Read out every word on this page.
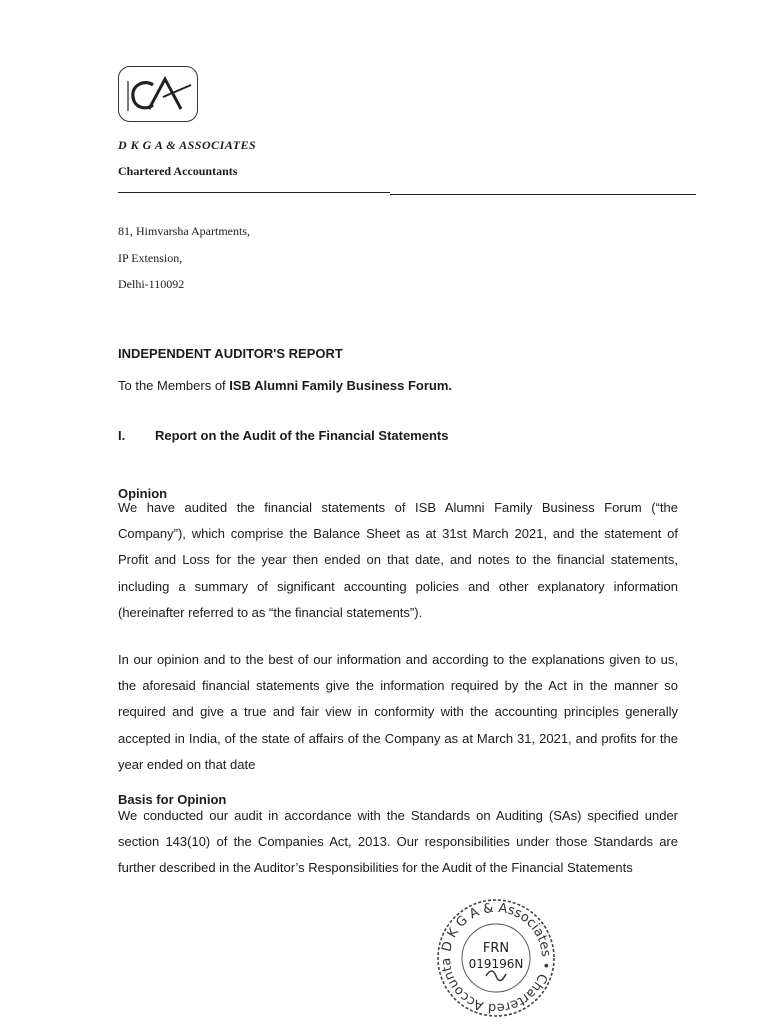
CA
D K G A & ASSOCIATES
Chartered Accountants
81, Himvarsha Apartments,
IP Extension,
Delhi-110092
INDEPENDENT AUDITOR'S REPORT
To the Members of ISB Alumni Family Business Forum.
I. Report on the Audit of the Financial Statements
Opinion
We have audited the financial statements of ISB Alumni Family Business Forum (“the Company”), which comprise the Balance Sheet as at 31st March 2021, and the statement of Profit and Loss for the year then ended on that date, and notes to the financial statements, including a summary of significant accounting policies and other explanatory information (hereinafter referred to as “the financial statements”).
In our opinion and to the best of our information and according to the explanations given to us, the aforesaid financial statements give the information required by the Act in the manner so required and give a true and fair view in conformity with the accounting principles generally accepted in India, of the state of affairs of the Company as at March 31, 2021, and profits for the year ended on that date
Basis for Opinion
We conducted our audit in accordance with the Standards on Auditing (SAs) specified under section 143(10) of the Companies Act, 2013. Our responsibilities under those Standards are further described in the Auditor’s Responsibilities for the Audit of the Financial Statements
D K G A & Associates • Chartered Accounta
FRN
019196N
